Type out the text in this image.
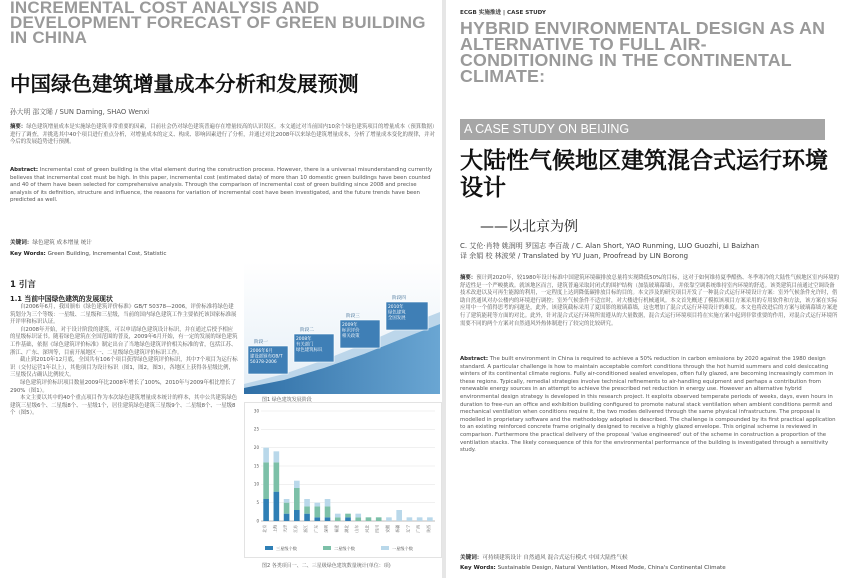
INCREMENTAL COST ANALYSIS AND DEVELOPMENT FORECAST OF GREEN BUILDING IN CHINA
中国绿色建筑增量成本分析和发展预测
孙大明 邵文晞 / SUN Daming, SHAO Wenxi
摘要：绿色建筑增量成本是实施绿色建筑非常重要的因素，目前社会仍对绿色建筑普遍存在增量较高的认识误区。本文通过对当前国内10余个绿色建筑项目的增量成本（预算数据）进行了调查，并挑选其中40个项目进行重点分析，对增量成本的定义、构成、影响因素进行了分析，并通过对比2008年以来绿色建筑增量成本，分析了增量成本变化的规律，并对今后的发展趋势进行预测。
Abstract: Incremental cost of green building is the vital element during the construction process. However, there is a universal misunderstanding currently believes that incremental cost must be high. In this paper, incremental cost (estimated data) of more than 10 domestic green buildings have been counted and 40 of them have been selected for comprehensive analysis. Through the comparison of incremental cost of green building since 2008 and precise analysis of its definition, structure and influence, the reasons for variation of incremental cost have been investigated, and the future trends have been predicted as well.
关键词：绿色建筑 成本增量 统计
Key Words: Green Building, Incremental Cost, Statistic
1 引言
1.1 当前中国绿色建筑的发展现状

自2006年6月，我国颁布《绿色建筑评价标准》GB/T 50378—2006，评价标准将绿色建筑划分为三个等级：一星级、二星级和三星级，当前的国内绿色建筑工作主要依托该国家标准展开评审和标识认证。

自2008年开始，对于设计阶段的建筑，可以申请绿色建筑设计标识，并在通过后授予相应的星级标识证书。随着绿色建筑在全国范围的普及，2009年6月开始，有一定的发展的绿色建筑工作基础，依据《绿色建筑评价标准》制定出台了当地绿色建筑评价相关标准的省，包括江苏、浙江、广东、深圳等，目前开展地区一、二星级绿色建筑评价标识工作。

截止到2010年12月底，全国共有106个项目获得绿色建筑评价标识，其中7个项目为运行标识（交付运营1年以上），其他项目为设计标识（图1，图2，图3），各地区上获得各星级比例，三星级仅占确认比例较大。

绿色建筑评价标识项目数量2009年比2008年增长了100%，2010年与2009年相比增长了290%（图1）。

本文主要以其中的40个重点项目作为本次绿色建筑增量成本统计的样本，其中公共建筑绿色建筑三星级6个、二星级8个、一星级1个，居住建筑绿色建筑三星级9个、二星级8个、一星级8个（图5）。

2006年6月建设部颁布GB/T 50378-2006
2008年有关部门绿色建筑标识
2009年标识评价相关政策
2010年绿色建筑全国发展
阶段一
阶段二
阶段三
阶段四
图1 绿色建筑发展阶段
北京 上海 天津 江苏 浙江 广东 深圳 福建 湖北 山东 河北 四川 安徽 新疆 辽宁 广西 陕西
0
5
10
15
20
25
30
三星级个数	二星级个数	一星级个数
图2 各类项目一、二、三星级绿色建筑数量统计(单位：项)
ECGB 实施推进 | CASE STUDY
HYBRID ENVIRONMENTAL DESIGN AS AN ALTERNATIVE TO FULL AIR-CONDITIONING IN THE CONTINENTAL CLIMATE:
A CASE STUDY ON BEIJING
大陆性气候地区建筑混合式运行环境设计
——以北京为例
C. 艾伦·肖特 姚润明 罗国志 李百战 / C. Alan Short, YAO Runming, LUO Guozhi, LI Baizhan
译 余娟 校 林波荣 / Translated by YU Juan, Proofread by LIN Borong
摘要：预计到2020年，较1980年设计标准中国建筑环境碳排放总量将实现降低50%的目标，这对于如何维持夏季酷热、冬季寒冷的大陆性气候地区室内环境的舒适性是一个严峻挑战。就该地区而言，建筑普遍采取封闭式的围护结构（加装玻璃幕墙），并依靠空调系统维持室内环境的舒适。该类建筑目前通过空调设备技术改进以及可再生能源的利用，一定程度上达到降低碳排放目标的目的。本文涉及的研究项目开发了一种混合式运行环境设计方案：室外气候条件允许时，借助自然通风对办公楼内的环境进行调控；室外气候条件不适宜时，对大楼进行机械通风。本文首先概述了模拟该项目方案采用的专用软件和方法，该方案在实际应用中一个值得思考的问题是，此外，该建筑截标采用了夏国影的玻璃幕墙，这也增加了混合式运行环境设计的难度。本文也将改进后的方案与玻璃幕墙方案进行了建筑能耗等方面的对比。此外，针对混合式运行环境所需遵从的大量数据，混合式运行环境项目将在实施方案中起到非常重要的作用，对混合式运行环境所需要不同的两个方案对自然通风外热体制进行了较完的比较研究。
Abstract: The built environment in China is required to achieve a 50% reduction in carbon emissions by 2020 against the 1980 design standard. A particular challenge is how to maintain acceptable comfort conditions through the hot humid summers and cold desiccating winters of its continental climate regions. Fully air-conditioned sealed envelopes, often fully glazed, are becoming increasingly common in these regions. Typically, remedial strategies involve technical refinements to air-handling equipment and perhaps a contribution from renewable energy sources in an attempt to achieve the prescribed net reduction in energy use. However an alternative hybrid environmental design strategy is developed in this research project. It exploits observed temperate periods of weeks, days, even hours in duration to free-run an office and exhibition building configured to promote natural stack ventilation when ambient conditions permit and mechanical ventilation when conditions require it, the two modes delivered through the same physical infrastructure. The proposal is modelled in proprietary software and the methodology adopted is described. The challenge is compounded by its first practical application to an existing reinforced concrete frame originally designed to receive a highly glazed envelope. This original scheme is reviewed in comparison. Furthermore the practical delivery of the proposal 'value engineered' out of the scheme in construction a proportion of the ventilation stacks. The likely consequence of this for the environmental performance of the building is investigated through a sensitivity study.
关键词：可持续建筑设计 自然通风 混合式运行模式 中国大陆性气候
Key Words: Sustainable Design, Natural Ventilation, Mixed Mode, China's Continental Climate
